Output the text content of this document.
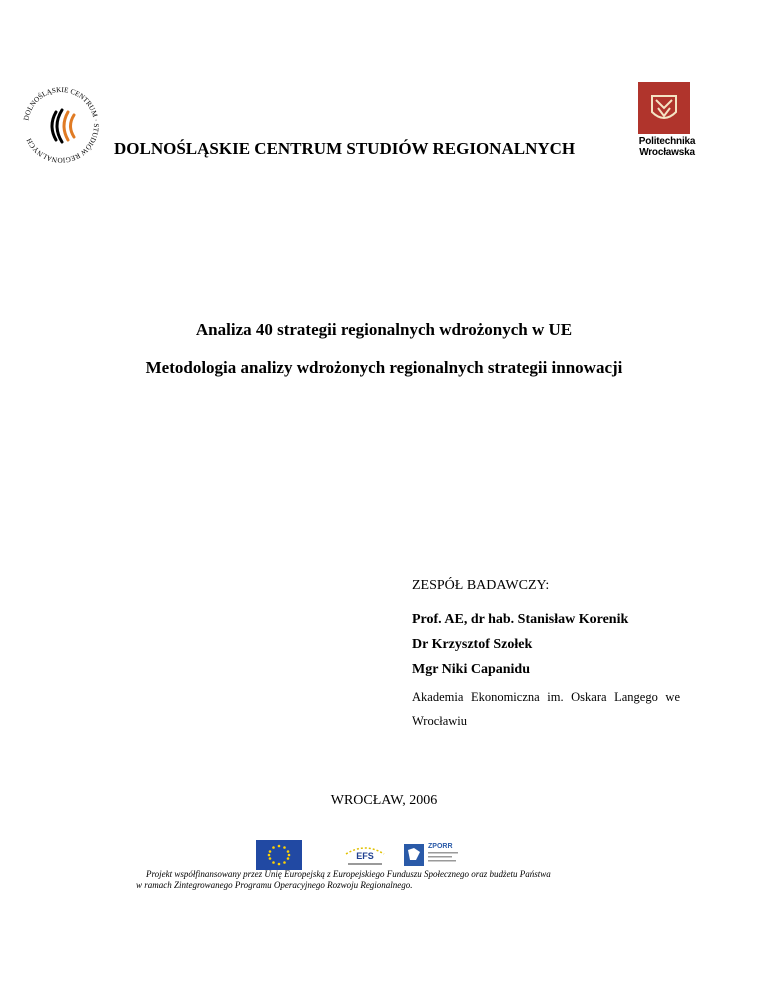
DOLNOŚLĄSKIE CENTRUM · STUDIÓW REGIONALNYCH	DOLNOŚLĄSKIE CENTRUM STUDIÓW REGIONALNYCH	Politechnika
Wrocławska
Analiza 40 strategii regionalnych wdrożonych w UE
Metodologia analizy wdrożonych regionalnych strategii innowacji
ZESPÓŁ BADAWCZY:
Prof. AE, dr hab. Stanisław Korenik
Dr Krzysztof Szołek
Mgr Niki Capanidu
Akademia Ekonomiczna im. Oskara Langego we Wrocławiu
WROCŁAW, 2006
EFS
ZPORR
Projekt współfinansowany przez Unię Europejską z Europejskiego Funduszu Społecznego oraz budżetu Państwa
w ramach Zintegrowanego Programu Operacyjnego Rozwoju Regionalnego.
